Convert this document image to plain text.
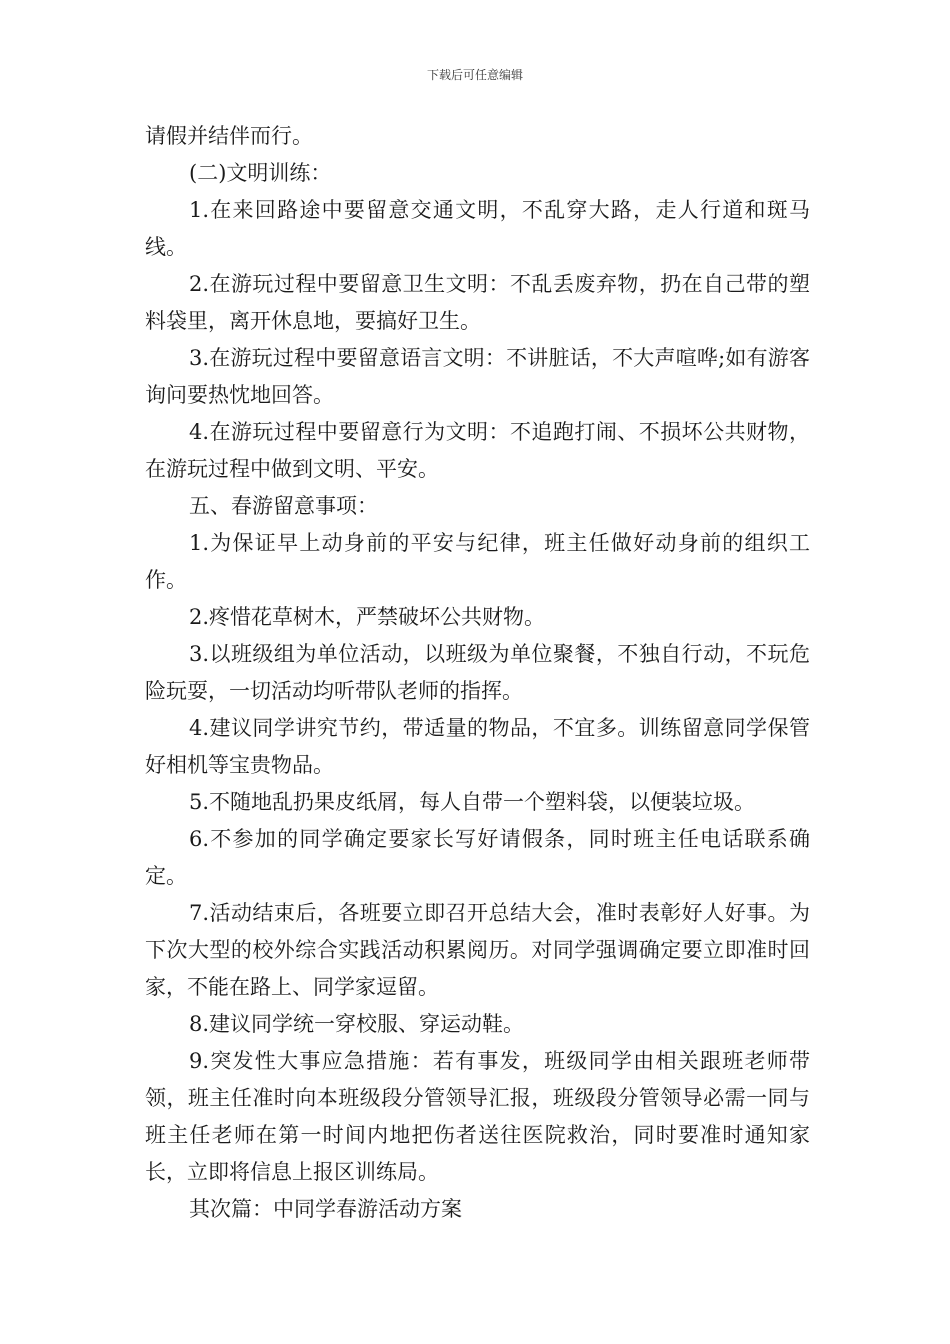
下载后可任意编辑

请假并结伴而行。

(二)文明训练：

1.在来回路途中要留意交通文明，不乱穿大路，走人行道和斑马线。

2.在游玩过程中要留意卫生文明：不乱丢废弃物，扔在自己带的塑料袋里，离开休息地，要搞好卫生。

3.在游玩过程中要留意语言文明：不讲脏话，不大声喧哗;如有游客询问要热忱地回答。

4.在游玩过程中要留意行为文明：不追跑打闹、不损坏公共财物，在游玩过程中做到文明、平安。

五、春游留意事项：

1.为保证早上动身前的平安与纪律，班主任做好动身前的组织工作。

2.疼惜花草树木，严禁破坏公共财物。

3.以班级组为单位活动，以班级为单位聚餐，不独自行动，不玩危险玩耍，一切活动均听带队老师的指挥。

4.建议同学讲究节约，带适量的物品，不宜多。训练留意同学保管好相机等宝贵物品。

5.不随地乱扔果皮纸屑，每人自带一个塑料袋，以便装垃圾。

6.不参加的同学确定要家长写好请假条，同时班主任电话联系确定。

7.活动结束后，各班要立即召开总结大会，准时表彰好人好事。为下次大型的校外综合实践活动积累阅历。对同学强调确定要立即准时回家，不能在路上、同学家逗留。

8.建议同学统一穿校服、穿运动鞋。

9.突发性大事应急措施：若有事发，班级同学由相关跟班老师带领，班主任准时向本班级段分管领导汇报，班级段分管领导必需一同与班主任老师在第一时间内地把伤者送往医院救治，同时要准时通知家长，立即将信息上报区训练局。

其次篇：中同学春游活动方案
